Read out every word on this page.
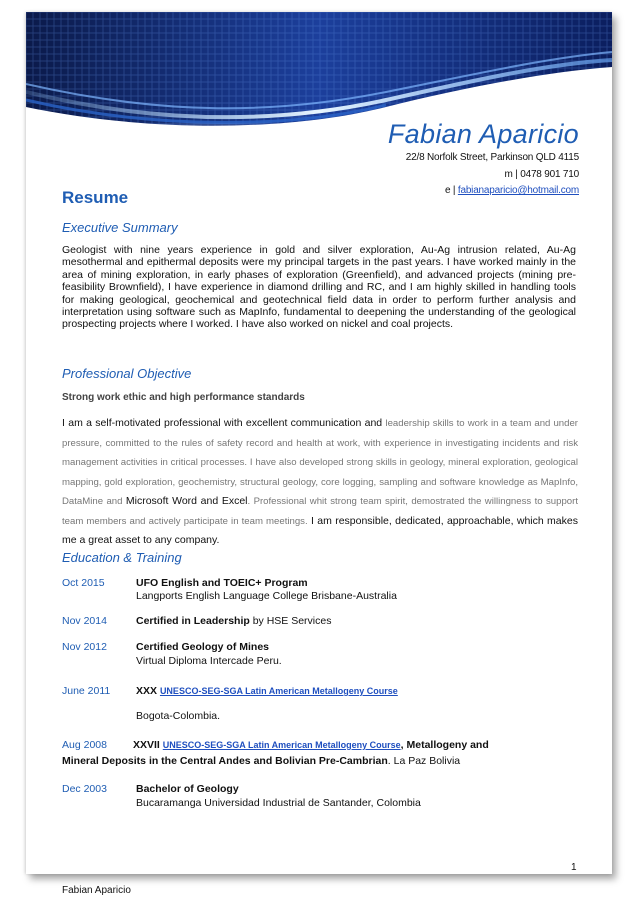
Fabian Aparicio
22/8 Norfolk Street, Parkinson QLD 4115
m | 0478 901 710
e | fabianaparicio@hotmail.com
Resume
Executive Summary
Geologist with nine years experience in gold and silver exploration, Au-Ag intrusion related, Au-Ag mesothermal and epithermal deposits were my principal targets in the past years. I have worked mainly in the area of mining exploration, in early phases of exploration (Greenfield), and advanced projects (mining pre-feasibility Brownfield), I have experience in diamond drilling and RC, and I am highly skilled in handling tools for making geological, geochemical and geotechnical field data in order to perform further analysis and interpretation using software such as MapInfo, fundamental to deepening the understanding of the geological prospecting projects where I worked. I have also worked on nickel and coal projects.
Professional Objective
Strong work ethic and high performance standards
I am a self-motivated professional with excellent communication and leadership skills to work in a team and under pressure, committed to the rules of safety record and health at work, with experience in investigating incidents and risk management activities in critical processes. I have also developed strong skills in geology, mineral exploration, geological mapping, gold exploration, geochemistry, structural geology, core logging, sampling and software knowledge as MapInfo, DataMine and Microsoft Word and Excel. Professional whit strong team spirit, demostrated the willingness to support team members and actively participate in team meetings. I am responsible, dedicated, approachable, which makes me a great asset to any company.
Education & Training
Oct 2015	UFO English and TOEIC+ Program
Langports English Language College Brisbane-Australia
Nov 2014	Certified in Leadership by HSE Services
Nov 2012	Certified Geology of Mines
Virtual Diploma Intercade Peru.
June 2011 XXX UNESCO-SEG-SGA Latin American Metallogeny Course
Bogota-Colombia.
Aug 2008 XXVII UNESCO-SEG-SGA Latin American Metallogeny Course, Metallogeny and
Mineral Deposits in the Central Andes and Bolivian Pre-Cambrian. La Paz Bolivia
Dec 2003	Bachelor of Geology
Bucaramanga Universidad Industrial de Santander, Colombia
1
Fabian Aparicio
